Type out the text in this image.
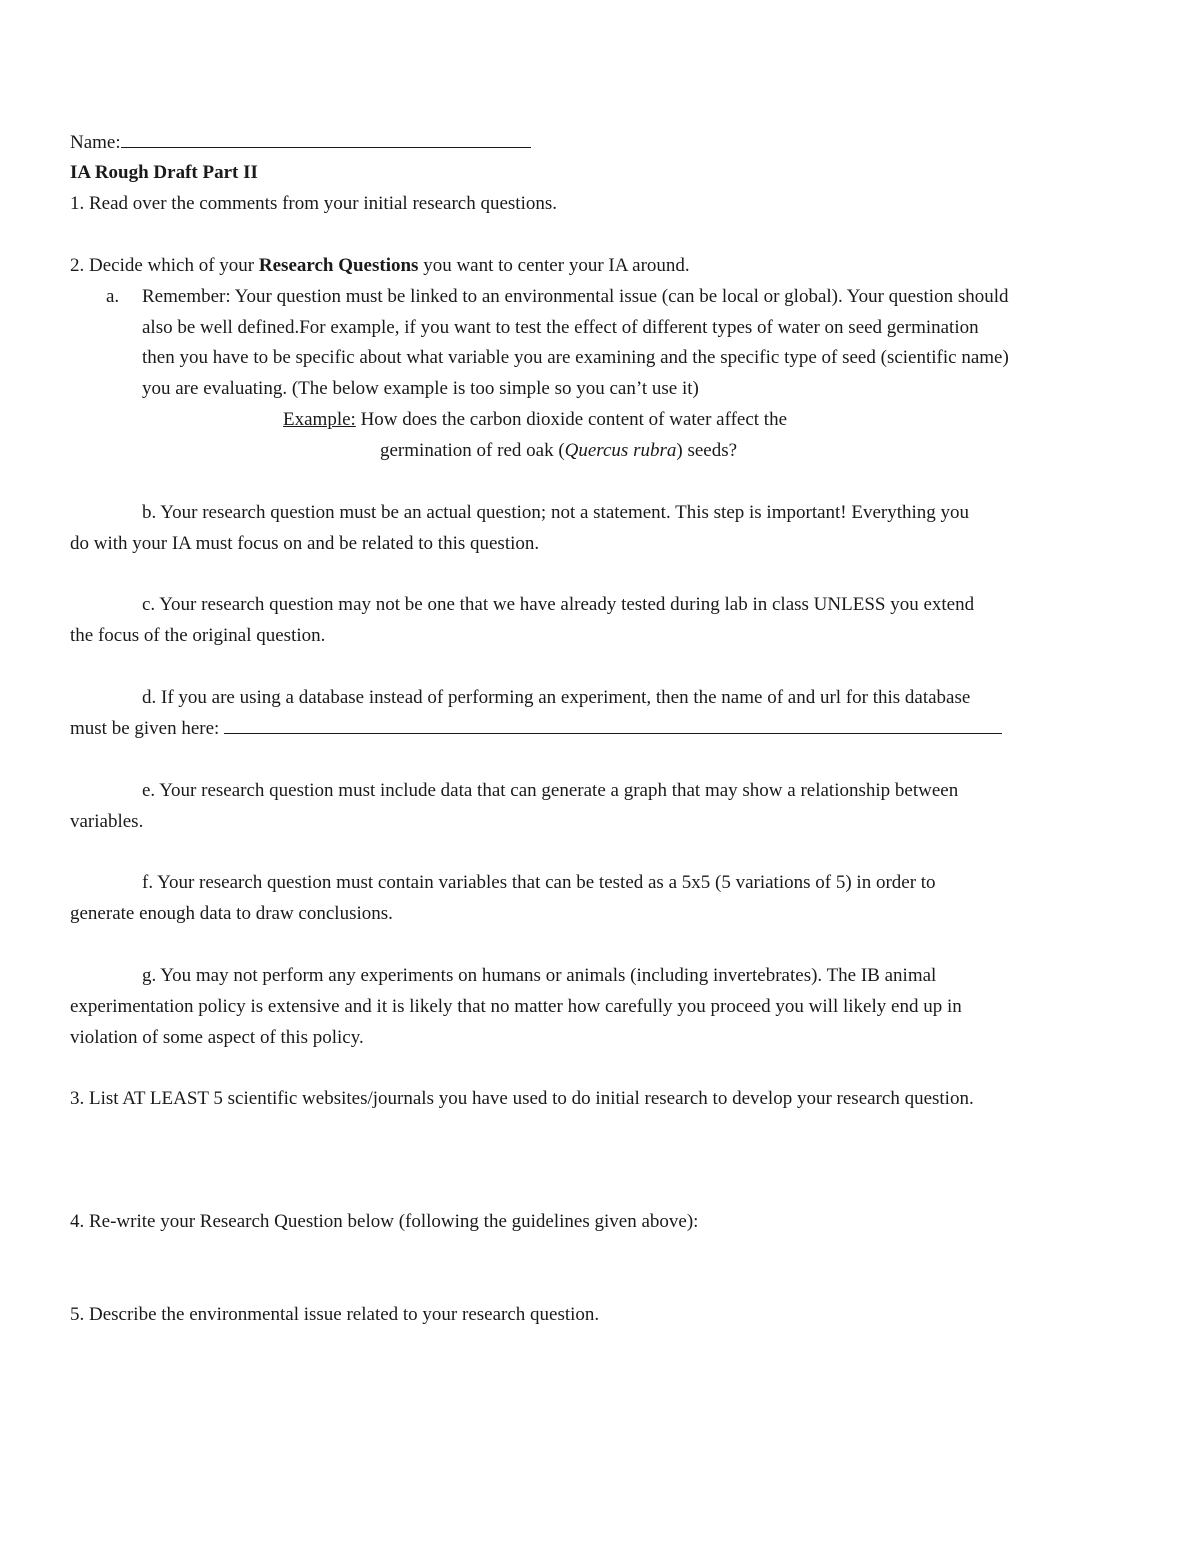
Name:
IA Rough Draft Part II
1. Read over the comments from your initial research questions.
2. Decide which of your Research Questions you want to center your IA around.
a. Remember: Your question must be linked to an environmental issue (can be local or global). Your question should
also be well defined.For example, if you want to test the effect of different types of water on seed germination
then you have to be specific about what variable you are examining and the specific type of seed (scientific name)
you are evaluating. (The below example is too simple so you can’t use it)
Example: How does the carbon dioxide content of water affect the
germination of red oak (Quercus rubra) seeds?
b. Your research question must be an actual question; not a statement. This step is important! Everything you
do with your IA must focus on and be related to this question.
c. Your research question may not be one that we have already tested during lab in class UNLESS you extend
the focus of the original question.
d. If you are using a database instead of performing an experiment, then the name of and url for this database
must be given here:
e. Your research question must include data that can generate a graph that may show a relationship between
variables.
f. Your research question must contain variables that can be tested as a 5x5 (5 variations of 5) in order to
generate enough data to draw conclusions.
g. You may not perform any experiments on humans or animals (including invertebrates). The IB animal
experimentation policy is extensive and it is likely that no matter how carefully you proceed you will likely end up in
violation of some aspect of this policy.
3. List AT LEAST 5 scientific websites/journals you have used to do initial research to develop your research question.
4. Re-write your Research Question below (following the guidelines given above):
5. Describe the environmental issue related to your research question.
